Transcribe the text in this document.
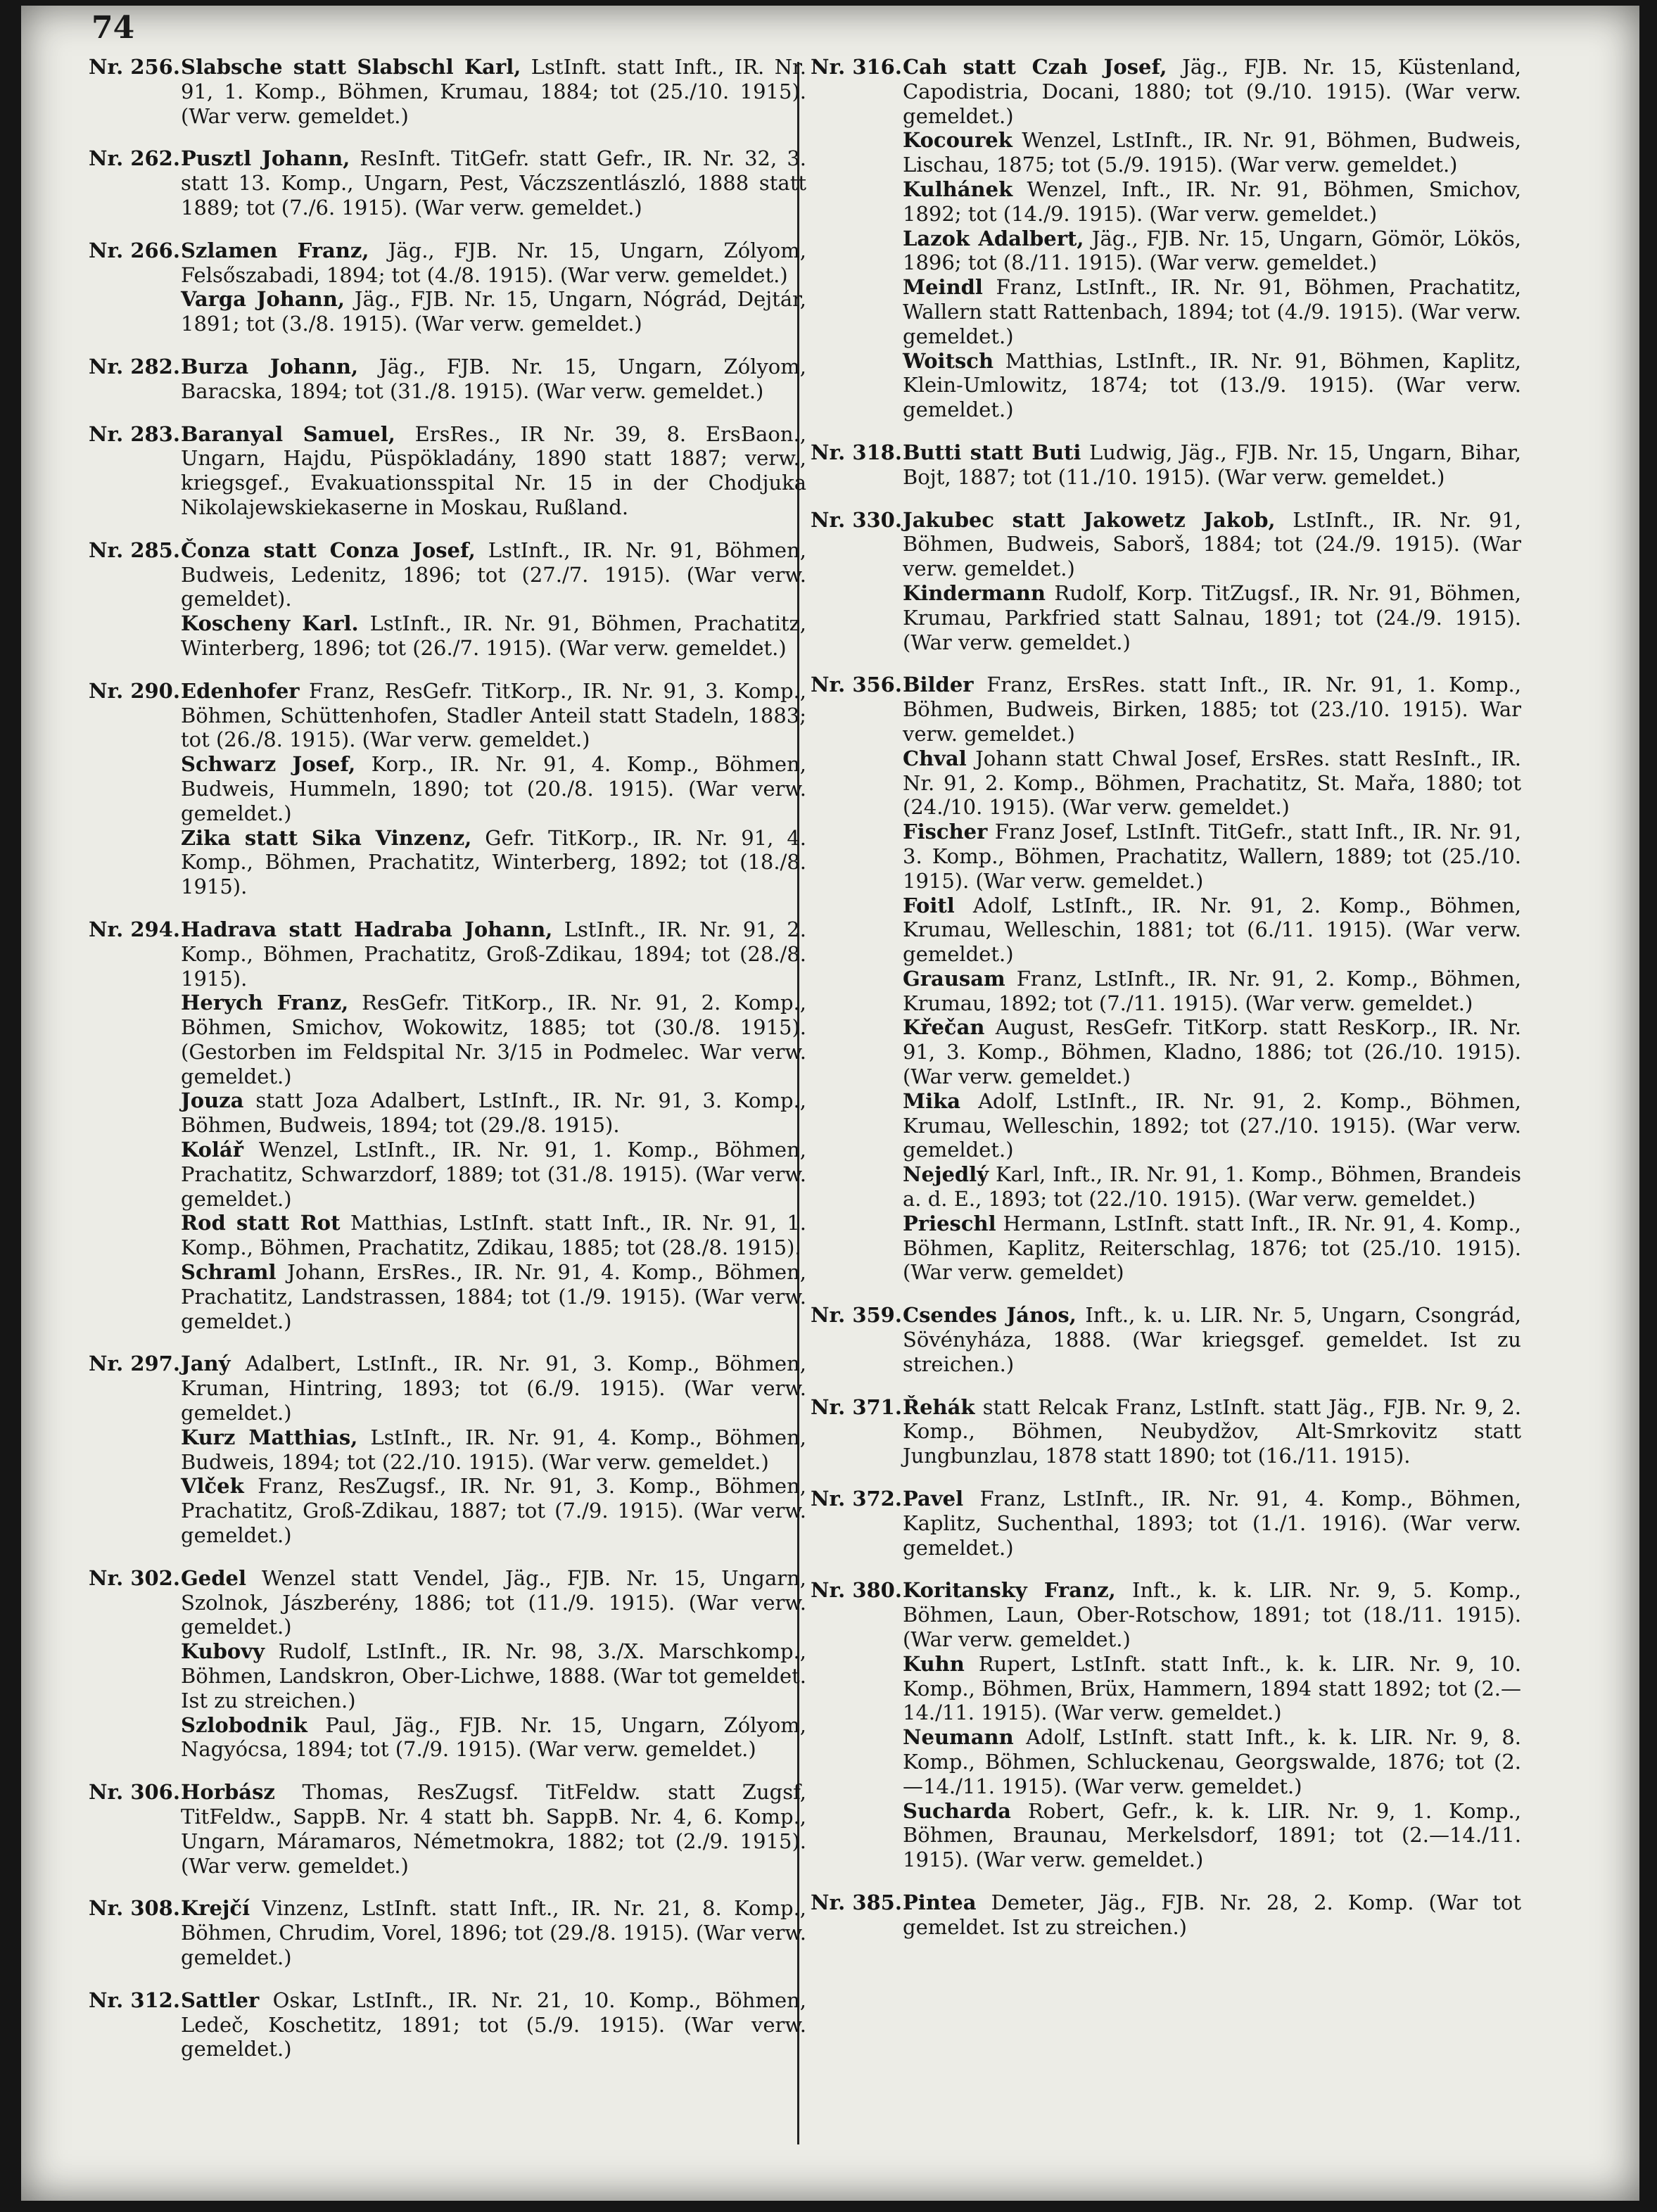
74

Nr. 256.Slabsche statt Slabschl Karl, LstInft. statt Inft., IR. Nr. 91, 1. Komp., Böhmen, Krumau, 1884; tot (25./10. 1915). (War verw. gemeldet.)

Nr. 262.Pusztl Johann, ResInft. TitGefr. statt Gefr., IR. Nr. 32, 3. statt 13. Komp., Ungarn, Pest, Váczszentlászló, 1888 statt 1889; tot (7./6. 1915). (War verw. gemeldet.)

Nr. 266.Szlamen Franz, Jäg., FJB. Nr. 15, Ungarn, Zólyom, Felsőszabadi, 1894; tot (4./8. 1915). (War verw. gemeldet.)

Varga Johann, Jäg., FJB. Nr. 15, Ungarn, Nógrád, Dejtár, 1891; tot (3./8. 1915). (War verw. gemeldet.)

Nr. 282.Burza Johann, Jäg., FJB. Nr. 15, Ungarn, Zólyom, Baracska, 1894; tot (31./8. 1915). (War verw. gemeldet.)

Nr. 283.Baranyal Samuel, ErsRes., IR Nr. 39, 8. ErsBaon., Ungarn, Hajdu, Püspökladány, 1890 statt 1887; verw., kriegsgef., Evakuationsspital Nr. 15 in der Chodjuka Nikolajewskiekaserne in Moskau, Rußland.

Nr. 285.Čonza statt Conza Josef, LstInft., IR. Nr. 91, Böhmen, Budweis, Ledenitz, 1896; tot (27./7. 1915). (War verw. gemeldet).

Koscheny Karl. LstInft., IR. Nr. 91, Böhmen, Prachatitz, Winterberg, 1896; tot (26./7. 1915). (War verw. gemeldet.)

Nr. 290.Edenhofer Franz, ResGefr. TitKorp., IR. Nr. 91, 3. Komp., Böhmen, Schüttenhofen, Stadler Anteil statt Stadeln, 1883; tot (26./8. 1915). (War verw. gemeldet.)

Schwarz Josef, Korp., IR. Nr. 91, 4. Komp., Böhmen, Budweis, Hummeln, 1890; tot (20./8. 1915). (War verw. gemeldet.)

Zika statt Sika Vinzenz, Gefr. TitKorp., IR. Nr. 91, 4. Komp., Böhmen, Prachatitz, Winterberg, 1892; tot (18./8. 1915).

Nr. 294.Hadrava statt Hadraba Johann, LstInft., IR. Nr. 91, 2. Komp., Böhmen, Prachatitz, Groß-Zdikau, 1894; tot (28./8. 1915).

Herych Franz, ResGefr. TitKorp., IR. Nr. 91, 2. Komp., Böhmen, Smichov, Wokowitz, 1885; tot (30./8. 1915). (Gestorben im Feldspital Nr. 3/15 in Podmelec. War verw. gemeldet.)

Jouza statt Joza Adalbert, LstInft., IR. Nr. 91, 3. Komp., Böhmen, Budweis, 1894; tot (29./8. 1915).

Kolář Wenzel, LstInft., IR. Nr. 91, 1. Komp., Böhmen, Prachatitz, Schwarzdorf, 1889; tot (31./8. 1915). (War verw. gemeldet.)

Rod statt Rot Matthias, LstInft. statt Inft., IR. Nr. 91, 1. Komp., Böhmen, Prachatitz, Zdikau, 1885; tot (28./8. 1915).

Schraml Johann, ErsRes., IR. Nr. 91, 4. Komp., Böhmen, Prachatitz, Landstrassen, 1884; tot (1./9. 1915). (War verw. gemeldet.)

Nr. 297.Janý Adalbert, LstInft., IR. Nr. 91, 3. Komp., Böhmen, Kruman, Hintring, 1893; tot (6./9. 1915). (War verw. gemeldet.)

Kurz Matthias, LstInft., IR. Nr. 91, 4. Komp., Böhmen, Budweis, 1894; tot (22./10. 1915). (War verw. gemeldet.)

Vlček Franz, ResZugsf., IR. Nr. 91, 3. Komp., Böhmen, Prachatitz, Groß-Zdikau, 1887; tot (7./9. 1915). (War verw. gemeldet.)

Nr. 302.Gedel Wenzel statt Vendel, Jäg., FJB. Nr. 15, Ungarn, Szolnok, Jászberény, 1886; tot (11./9. 1915). (War verw. gemeldet.)

Kubovy Rudolf, LstInft., IR. Nr. 98, 3./X. Marschkomp., Böhmen, Landskron, Ober-Lichwe, 1888. (War tot gemeldet. Ist zu streichen.)

Szlobodnik Paul, Jäg., FJB. Nr. 15, Ungarn, Zólyom, Nagyócsa, 1894; tot (7./9. 1915). (War verw. gemeldet.)

Nr. 306.Horbász Thomas, ResZugsf. TitFeldw. statt Zugsf, TitFeldw., SappB. Nr. 4 statt bh. SappB. Nr. 4, 6. Komp., Ungarn, Máramaros, Németmokra, 1882; tot (2./9. 1915). (War verw. gemeldet.)

Nr. 308.Krejčí Vinzenz, LstInft. statt Inft., IR. Nr. 21, 8. Komp., Böhmen, Chrudim, Vorel, 1896; tot (29./8. 1915). (War verw. gemeldet.)

Nr. 312.Sattler Oskar, LstInft., IR. Nr. 21, 10. Komp., Böhmen, Ledeč, Koschetitz, 1891; tot (5./9. 1915). (War verw. gemeldet.)

Nr. 316.Cah statt Czah Josef, Jäg., FJB. Nr. 15, Küstenland, Capodistria, Docani, 1880; tot (9./10. 1915). (War verw. gemeldet.)

Kocourek Wenzel, LstInft., IR. Nr. 91, Böhmen, Budweis, Lischau, 1875; tot (5./9. 1915). (War verw. gemeldet.)

Kulhánek Wenzel, Inft., IR. Nr. 91, Böhmen, Smichov, 1892; tot (14./9. 1915). (War verw. gemeldet.)

Lazok Adalbert, Jäg., FJB. Nr. 15, Ungarn, Gömör, Lökös, 1896; tot (8./11. 1915). (War verw. gemeldet.)

Meindl Franz, LstInft., IR. Nr. 91, Böhmen, Prachatitz, Wallern statt Rattenbach, 1894; tot (4./9. 1915). (War verw. gemeldet.)

Woitsch Matthias, LstInft., IR. Nr. 91, Böhmen, Kaplitz, Klein-Umlowitz, 1874; tot (13./9. 1915). (War verw. gemeldet.)

Nr. 318.Butti statt Buti Ludwig, Jäg., FJB. Nr. 15, Ungarn, Bihar, Bojt, 1887; tot (11./10. 1915). (War verw. gemeldet.)

Nr. 330.Jakubec statt Jakowetz Jakob, LstInft., IR. Nr. 91, Böhmen, Budweis, Saborš, 1884; tot (24./9. 1915). (War verw. gemeldet.)

Kindermann Rudolf, Korp. TitZugsf., IR. Nr. 91, Böhmen, Krumau, Parkfried statt Salnau, 1891; tot (24./9. 1915). (War verw. gemeldet.)

Nr. 356.Bilder Franz, ErsRes. statt Inft., IR. Nr. 91, 1. Komp., Böhmen, Budweis, Birken, 1885; tot (23./10. 1915). War verw. gemeldet.)

Chval Johann statt Chwal Josef, ErsRes. statt ResInft., IR. Nr. 91, 2. Komp., Böhmen, Prachatitz, St. Mařa, 1880; tot (24./10. 1915). (War verw. gemeldet.)

Fischer Franz Josef, LstInft. TitGefr., statt Inft., IR. Nr. 91, 3. Komp., Böhmen, Prachatitz, Wallern, 1889; tot (25./10. 1915). (War verw. gemeldet.)

Foitl Adolf, LstInft., IR. Nr. 91, 2. Komp., Böhmen, Krumau, Welleschin, 1881; tot (6./11. 1915). (War verw. gemeldet.)

Grausam Franz, LstInft., IR. Nr. 91, 2. Komp., Böhmen, Krumau, 1892; tot (7./11. 1915). (War verw. gemeldet.)

Křečan August, ResGefr. TitKorp. statt ResKorp., IR. Nr. 91, 3. Komp., Böhmen, Kladno, 1886; tot (26./10. 1915). (War verw. gemeldet.)

Mika Adolf, LstInft., IR. Nr. 91, 2. Komp., Böhmen, Krumau, Welleschin, 1892; tot (27./10. 1915). (War verw. gemeldet.)

Nejedlý Karl, Inft., IR. Nr. 91, 1. Komp., Böhmen, Brandeis a. d. E., 1893; tot (22./10. 1915). (War verw. gemeldet.)

Prieschl Hermann, LstInft. statt Inft., IR. Nr. 91, 4. Komp., Böhmen, Kaplitz, Reiterschlag, 1876; tot (25./10. 1915). (War verw. gemeldet)

Nr. 359.Csendes János, Inft., k. u. LIR. Nr. 5, Ungarn, Csongrád, Sövényháza, 1888. (War kriegsgef. gemeldet. Ist zu streichen.)

Nr. 371.Řehák statt Relcak Franz, LstInft. statt Jäg., FJB. Nr. 9, 2. Komp., Böhmen, Neubydžov, Alt-Smrkovitz statt Jungbunzlau, 1878 statt 1890; tot (16./11. 1915).

Nr. 372.Pavel Franz, LstInft., IR. Nr. 91, 4. Komp., Böhmen, Kaplitz, Suchenthal, 1893; tot (1./1. 1916). (War verw. gemeldet.)

Nr. 380.Koritansky Franz, Inft., k. k. LIR. Nr. 9, 5. Komp., Böhmen, Laun, Ober-Rotschow, 1891; tot (18./11. 1915). (War verw. gemeldet.)

Kuhn Rupert, LstInft. statt Inft., k. k. LIR. Nr. 9, 10. Komp., Böhmen, Brüx, Hammern, 1894 statt 1892; tot (2.—14./11. 1915). (War verw. gemeldet.)

Neumann Adolf, LstInft. statt Inft., k. k. LIR. Nr. 9, 8. Komp., Böhmen, Schluckenau, Georgswalde, 1876; tot (2.—14./11. 1915). (War verw. gemeldet.)

Sucharda Robert, Gefr., k. k. LIR. Nr. 9, 1. Komp., Böhmen, Braunau, Merkelsdorf, 1891; tot (2.—14./11. 1915). (War verw. gemeldet.)

Nr. 385.Pintea Demeter, Jäg., FJB. Nr. 28, 2. Komp. (War tot gemeldet. Ist zu streichen.)
